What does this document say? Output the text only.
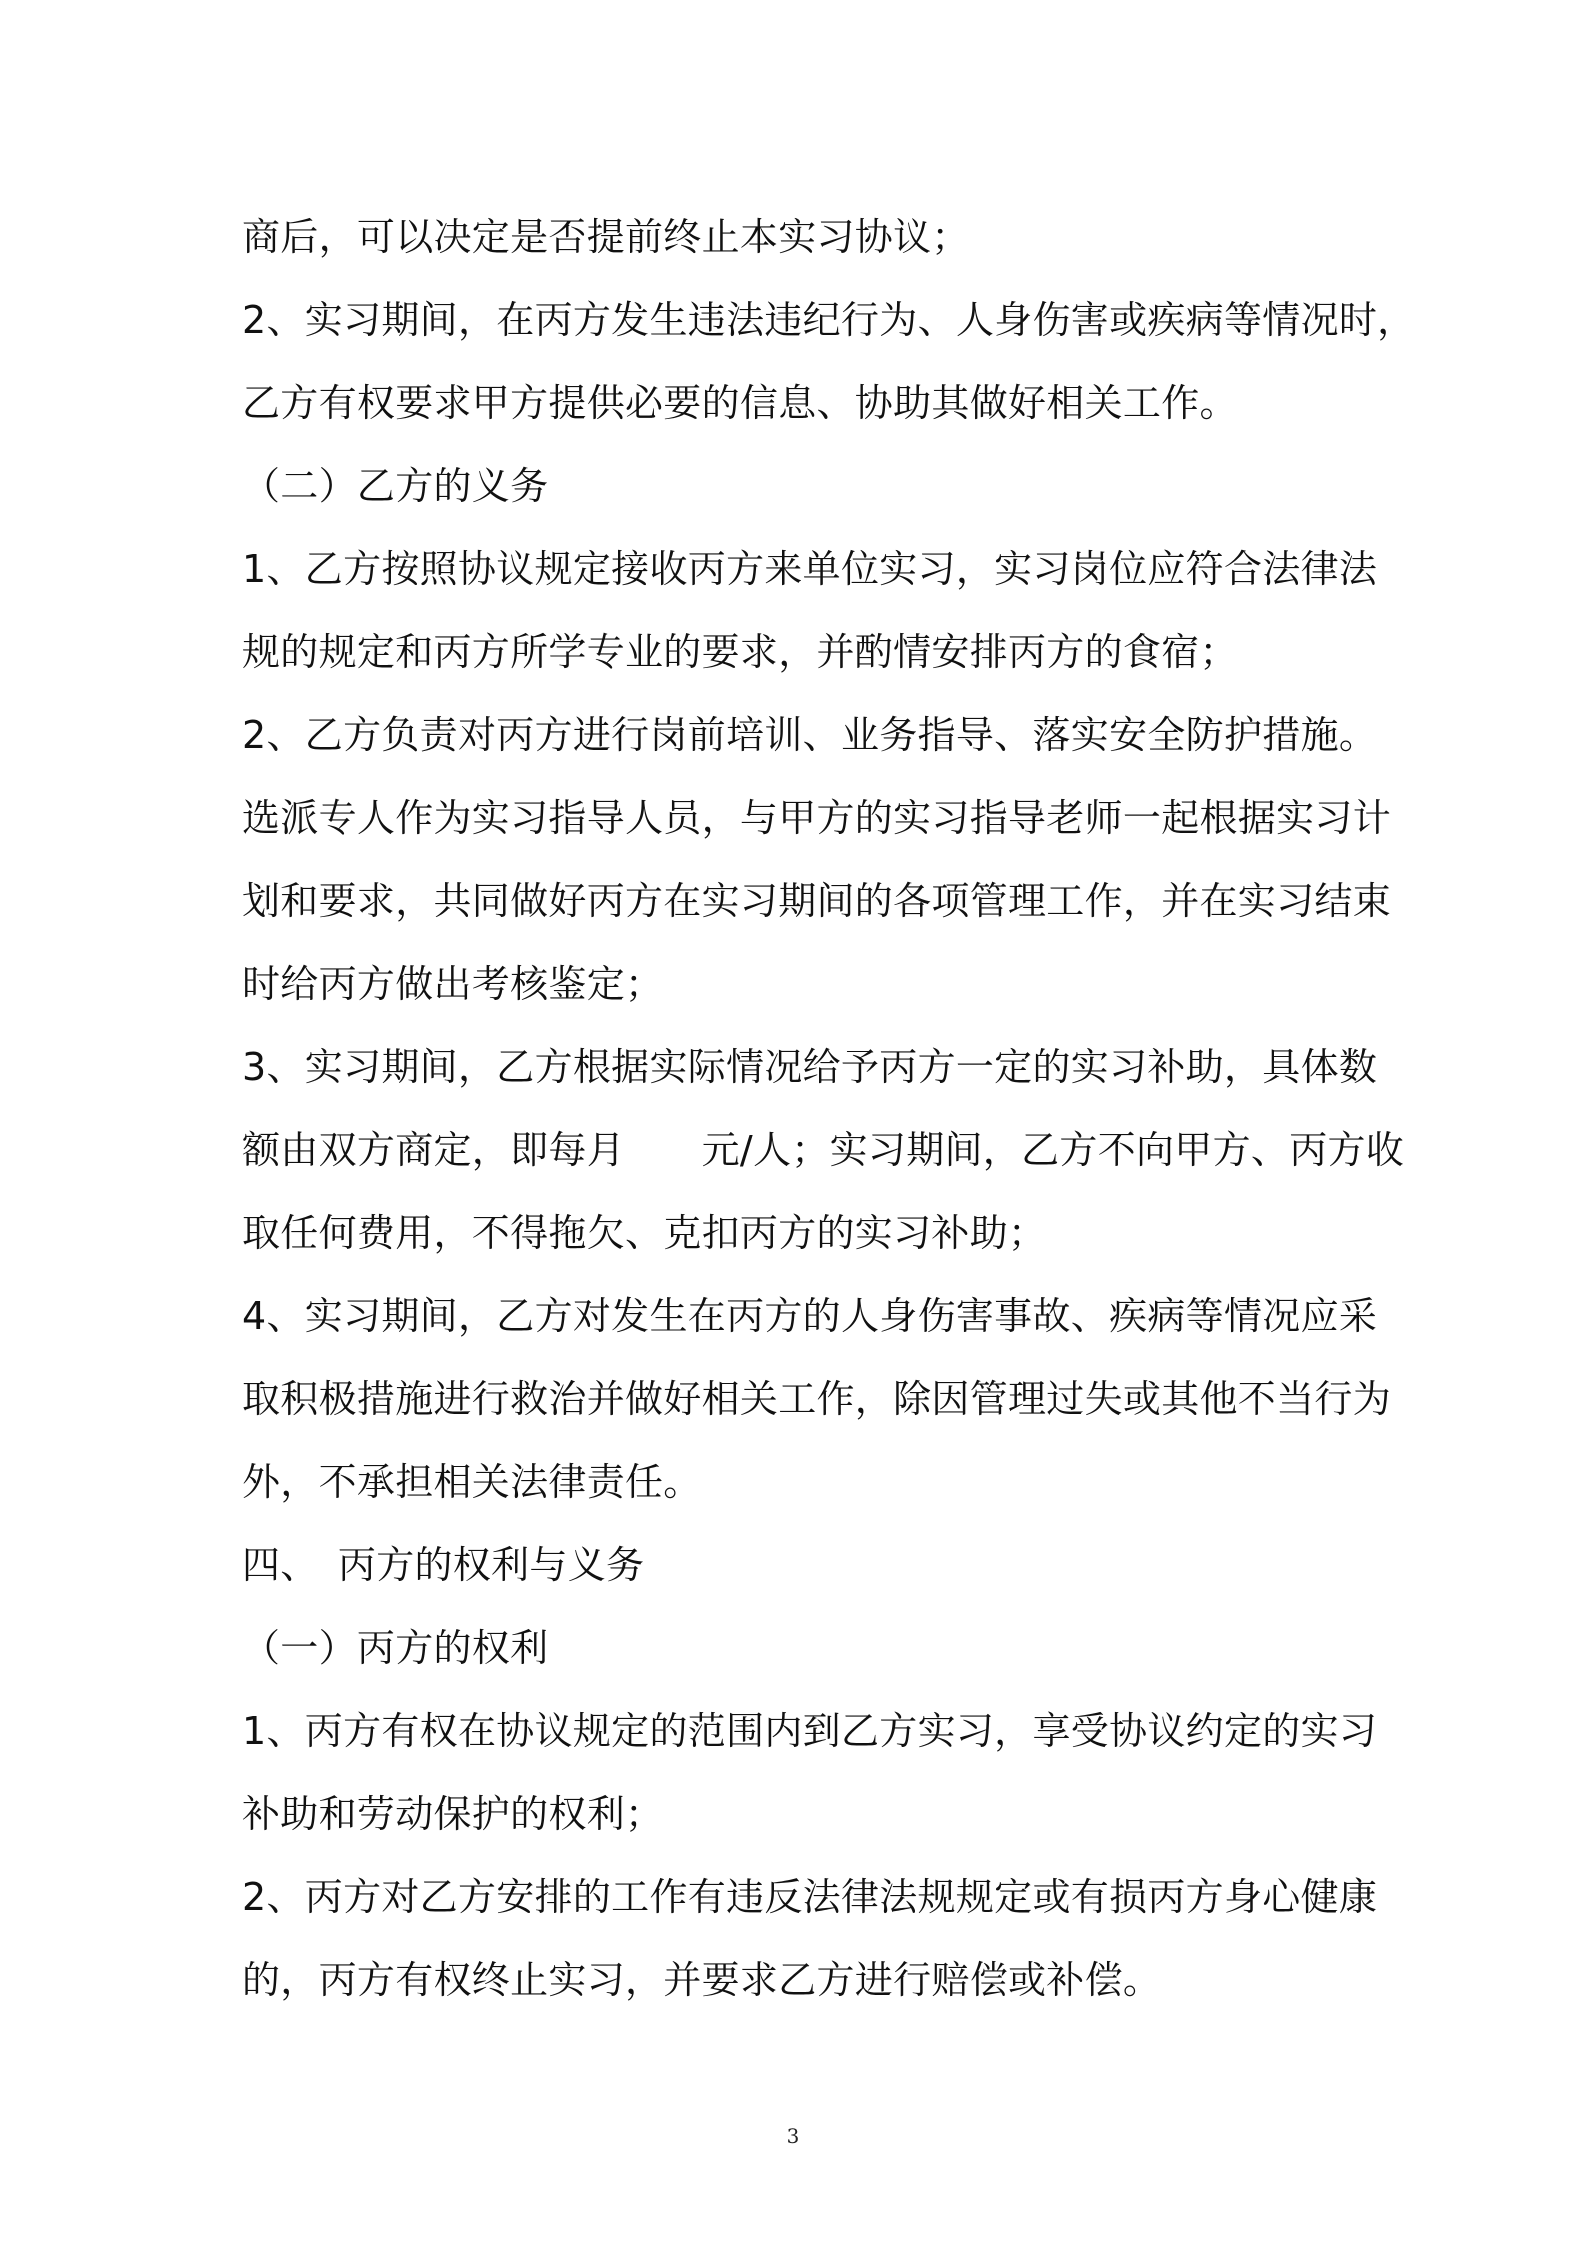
商后，可以决定是否提前终止本实习协议；
2、实习期间，在丙方发生违法违纪行为、人身伤害或疾病等情况时，
乙方有权要求甲方提供必要的信息、协助其做好相关工作。
（二）乙方的义务
1、乙方按照协议规定接收丙方来单位实习，实习岗位应符合法律法
规的规定和丙方所学专业的要求，并酌情安排丙方的食宿；
2、乙方负责对丙方进行岗前培训、业务指导、落实安全防护措施。
选派专人作为实习指导人员，与甲方的实习指导老师一起根据实习计
划和要求，共同做好丙方在实习期间的各项管理工作，并在实习结束
时给丙方做出考核鉴定；
3、实习期间，乙方根据实际情况给予丙方一定的实习补助，具体数
额由双方商定，即每月　　元/人；实习期间，乙方不向甲方、丙方收
取任何费用，不得拖欠、克扣丙方的实习补助；
4、实习期间，乙方对发生在丙方的人身伤害事故、疾病等情况应采
取积极措施进行救治并做好相关工作，除因管理过失或其他不当行为
外，不承担相关法律责任。
四、　丙方的权利与义务
（一）丙方的权利
1、丙方有权在协议规定的范围内到乙方实习，享受协议约定的实习
补助和劳动保护的权利；
2、丙方对乙方安排的工作有违反法律法规规定或有损丙方身心健康
的，丙方有权终止实习，并要求乙方进行赔偿或补偿。
3
